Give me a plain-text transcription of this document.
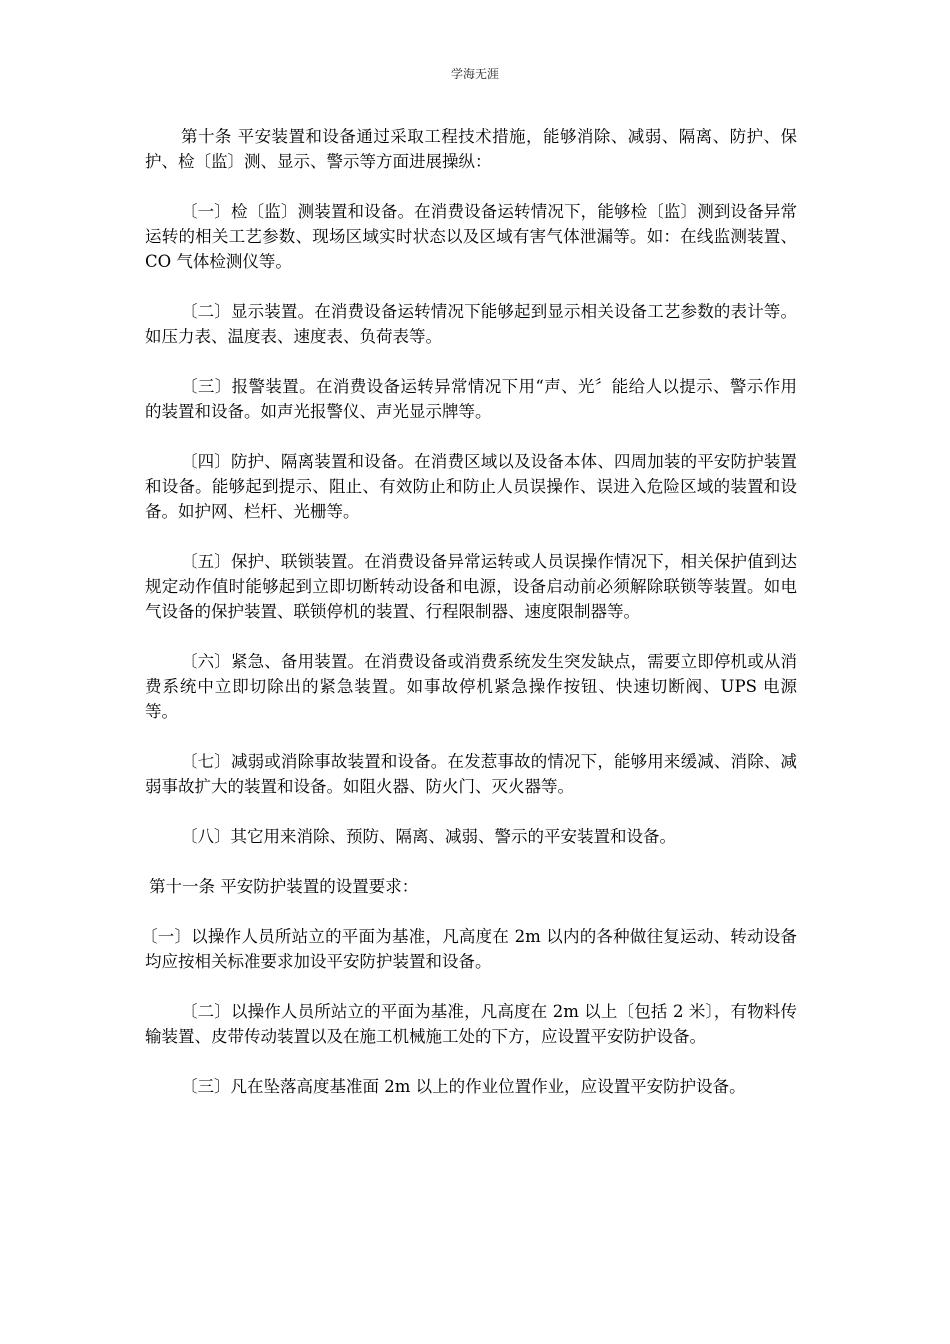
学海无涯

第十条 平安装置和设备通过采取工程技术措施，能够消除、减弱、隔离、防护、保护、检〔监〕测、显示、警示等方面进展操纵：

〔一〕检〔监〕测装置和设备。在消费设备运转情况下，能够检〔监〕测到设备异常运转的相关工艺参数、现场区域实时状态以及区域有害气体泄漏等。如：在线监测装置、CO 气体检测仪等。

〔二〕显示装置。在消费设备运转情况下能够起到显示相关设备工艺参数的表计等。如压力表、温度表、速度表、负荷表等。

〔三〕报警装置。在消费设备运转异常情况下用“声、光〞能给人以提示、警示作用的装置和设备。如声光报警仪、声光显示牌等。

〔四〕防护、隔离装置和设备。在消费区域以及设备本体、四周加装的平安防护装置和设备。能够起到提示、阻止、有效防止和防止人员误操作、误进入危险区域的装置和设备。如护网、栏杆、光栅等。

〔五〕保护、联锁装置。在消费设备异常运转或人员误操作情况下，相关保护值到达规定动作值时能够起到立即切断转动设备和电源，设备启动前必须解除联锁等装置。如电气设备的保护装置、联锁停机的装置、行程限制器、速度限制器等。

〔六〕紧急、备用装置。在消费设备或消费系统发生突发缺点，需要立即停机或从消费系统中立即切除出的紧急装置。如事故停机紧急操作按钮、快速切断阀、UPS 电源等。

〔七〕减弱或消除事故装置和设备。在发惹事故的情况下，能够用来缓减、消除、减弱事故扩大的装置和设备。如阻火器、防火门、灭火器等。

〔八〕其它用来消除、预防、隔离、减弱、警示的平安装置和设备。

第十一条 平安防护装置的设置要求：

〔一〕以操作人员所站立的平面为基准，凡高度在 2m 以内的各种做往复运动、转动设备均应按相关标准要求加设平安防护装置和设备。

〔二〕以操作人员所站立的平面为基准，凡高度在 2m 以上〔包括 2 米〕，有物料传输装置、皮带传动装置以及在施工机械施工处的下方，应设置平安防护设备。

〔三〕凡在坠落高度基准面 2m 以上的作业位置作业，应设置平安防护设备。
